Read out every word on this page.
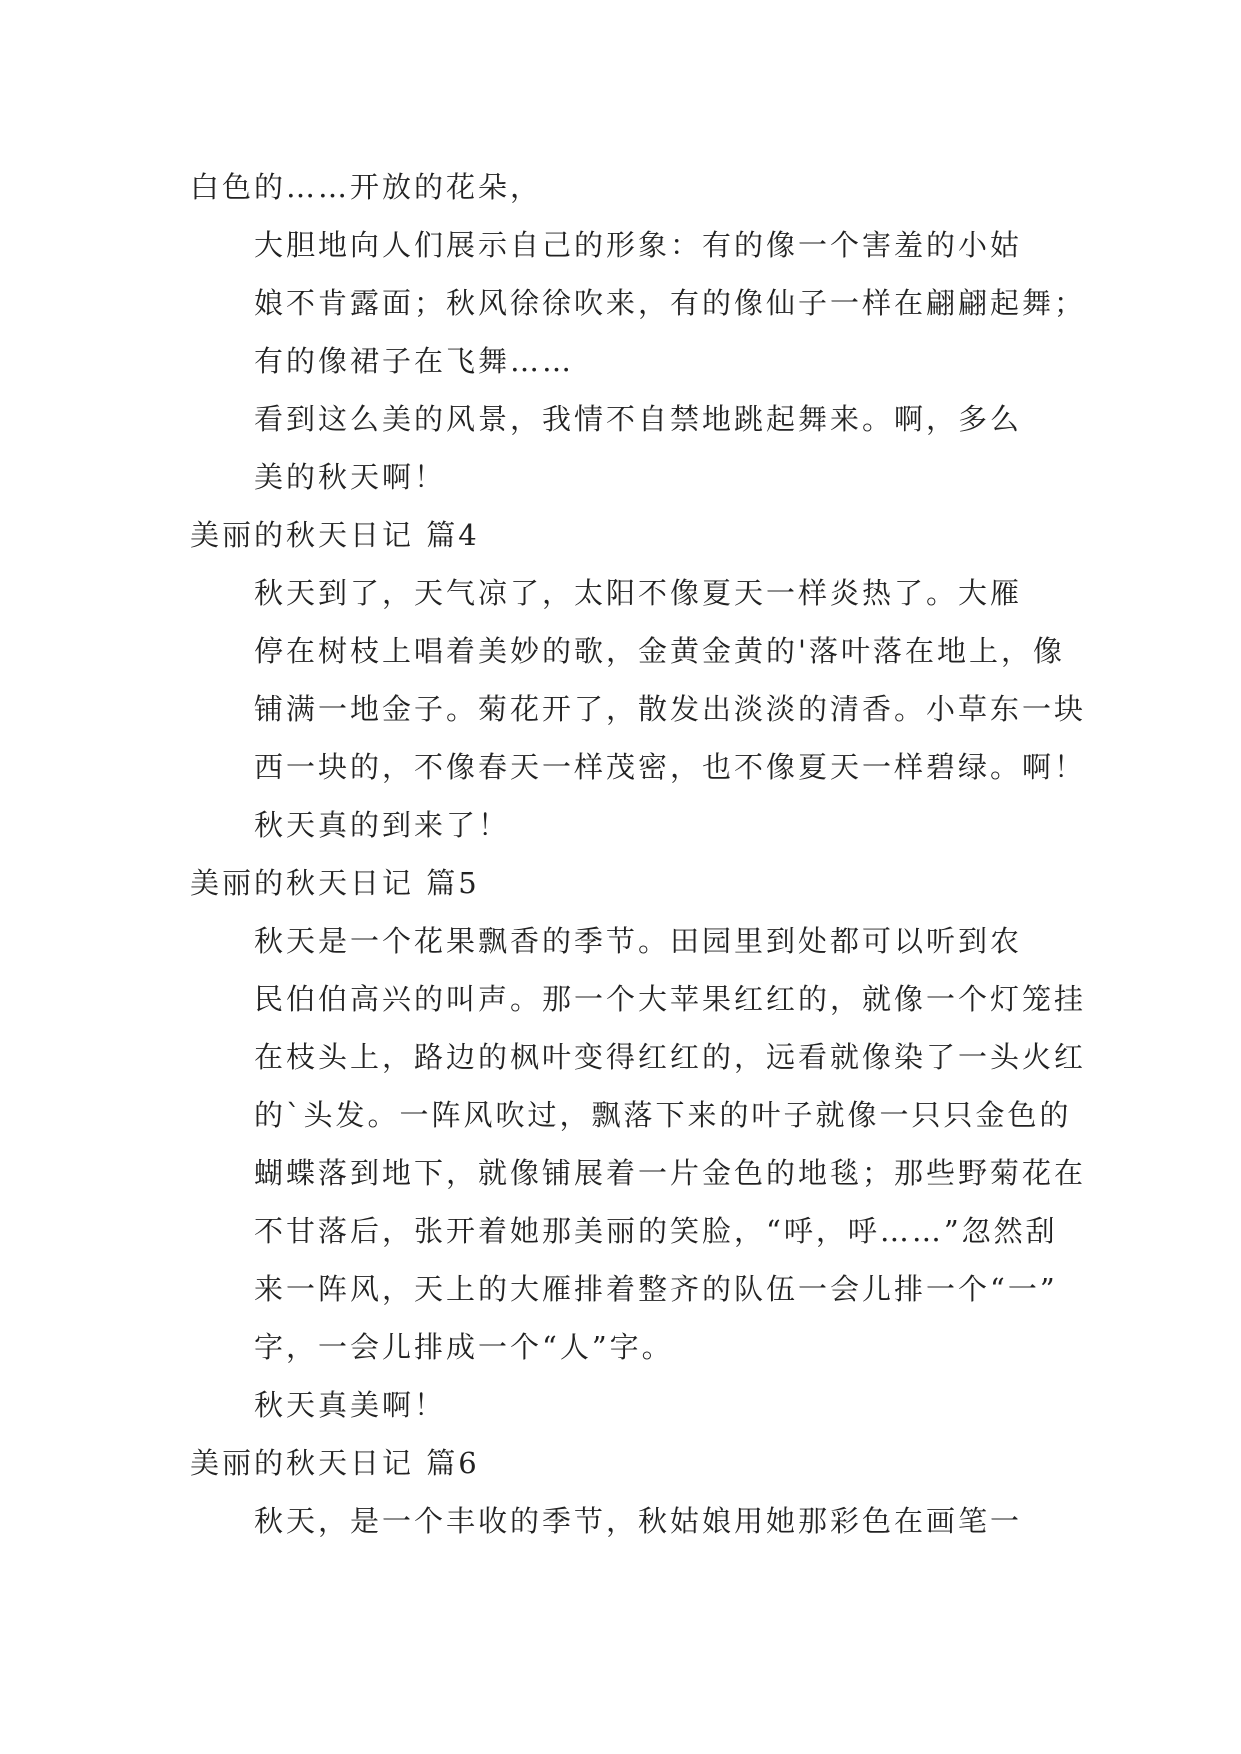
白色的……开放的花朵，
大胆地向人们展示自己的形象：有的像一个害羞的小姑
娘不肯露面；秋风徐徐吹来，有的像仙子一样在翩翩起舞；
有的像裙子在飞舞……
看到这么美的风景，我情不自禁地跳起舞来。啊，多么
美的秋天啊！
美丽的秋天日记 篇4
秋天到了，天气凉了，太阳不像夏天一样炎热了。大雁
停在树枝上唱着美妙的歌，金黄金黄的'落叶落在地上，像
铺满一地金子。菊花开了，散发出淡淡的清香。小草东一块
西一块的，不像春天一样茂密，也不像夏天一样碧绿。啊！
秋天真的到来了！
美丽的秋天日记 篇5
秋天是一个花果飘香的季节。田园里到处都可以听到农
民伯伯高兴的叫声。那一个大苹果红红的，就像一个灯笼挂
在枝头上，路边的枫叶变得红红的，远看就像染了一头火红
的`头发。一阵风吹过，飘落下来的叶子就像一只只金色的
蝴蝶落到地下，就像铺展着一片金色的地毯；那些野菊花在
不甘落后，张开着她那美丽的笑脸，“呼，呼……”忽然刮
来一阵风，天上的大雁排着整齐的队伍一会儿排一个“一”
字，一会儿排成一个“人”字。
秋天真美啊！
美丽的秋天日记 篇6
秋天，是一个丰收的季节，秋姑娘用她那彩色在画笔一
